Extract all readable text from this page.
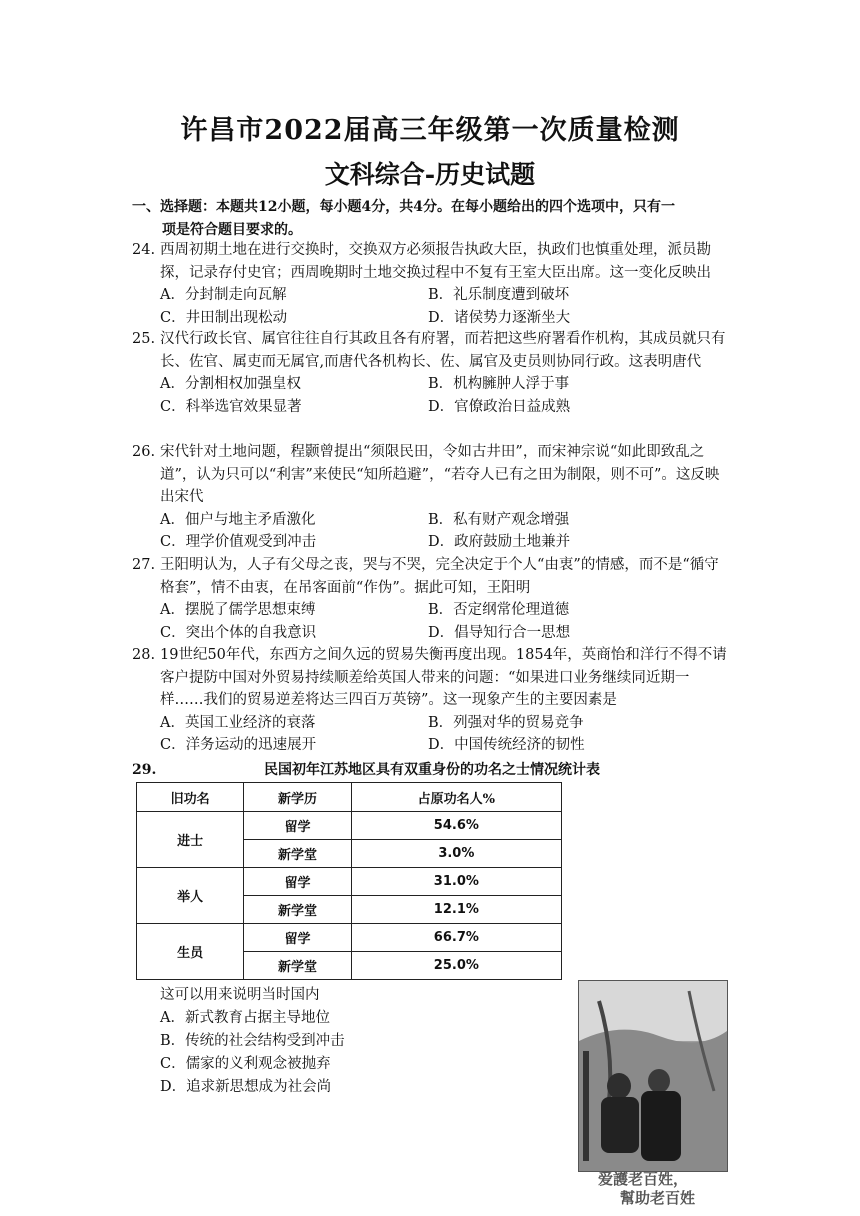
许昌市2022届高三年级第一次质量检测
文科综合-历史试题
一、选择题：本题共12小题，每小题4分，共4分。在每小题给出的四个选项中，只有一
项是符合题目要求的。
24. 西周初期土地在进行交换时，交换双方必须报告执政大臣，执政们也慎重处理，派员勘探，记录存付史官；西周晚期时土地交换过程中不复有王室大臣出席。这一变化反映出
A．分封制走向瓦解	B．礼乐制度遭到破坏
C．井田制出现松动	D．诸侯势力逐渐坐大
25. 汉代行政长官、属官往往自行其政且各有府署，而若把这些府署看作机构，其成员就只有长、佐官、属吏而无属官,而唐代各机构长、佐、属官及吏员则协同行政。这表明唐代
A．分割相权加强皇权	B．机构臃肿人浮于事
C．科举选官效果显著	D．官僚政治日益成熟
26. 宋代针对土地问题，程颢曾提出“须限民田，令如古井田”，而宋神宗说“如此即致乱之道”，认为只可以“利害”来使民“知所趋避”，“若夺人已有之田为制限，则不可”。这反映出宋代
A．佃户与地主矛盾激化	B．私有财产观念增强
C．理学价值观受到冲击	D．政府鼓励土地兼并
27. 王阳明认为，人子有父母之丧，哭与不哭，完全决定于个人“由衷”的情感，而不是“循守格套”，情不由衷，在吊客面前“作伪”。据此可知，王阳明
A．摆脱了儒学思想束缚	B．否定纲常伦理道德
C．突出个体的自我意识	D．倡导知行合一思想
28. 19世纪50年代，东西方之间久远的贸易失衡再度出现。1854年，英商怡和洋行不得不请客户提防中国对外贸易持续顺差给英国人带来的问题：“如果进口业务继续同近期一样……我们的贸易逆差将达三四百万英镑”。这一现象产生的主要因素是
A．英国工业经济的衰落	B．列强对华的贸易竞争
C．洋务运动的迅速展开	D．中国传统经济的韧性
29.	民国初年江苏地区具有双重身份的功名之士情况统计表
旧功名	新学历	占原功名人%
进士	留学	54.6%
	新学堂	3.0%
举人	留学	31.0%
	新学堂	12.1%
生员	留学	66.7%
	新学堂	25.0%
这可以用来说明当时国内
A．新式教育占据主导地位
B．传统的社会结构受到冲击
C．儒家的义利观念被抛弃
D．追求新思想成为社会尚
爱護老百姓，
幫助老百姓
